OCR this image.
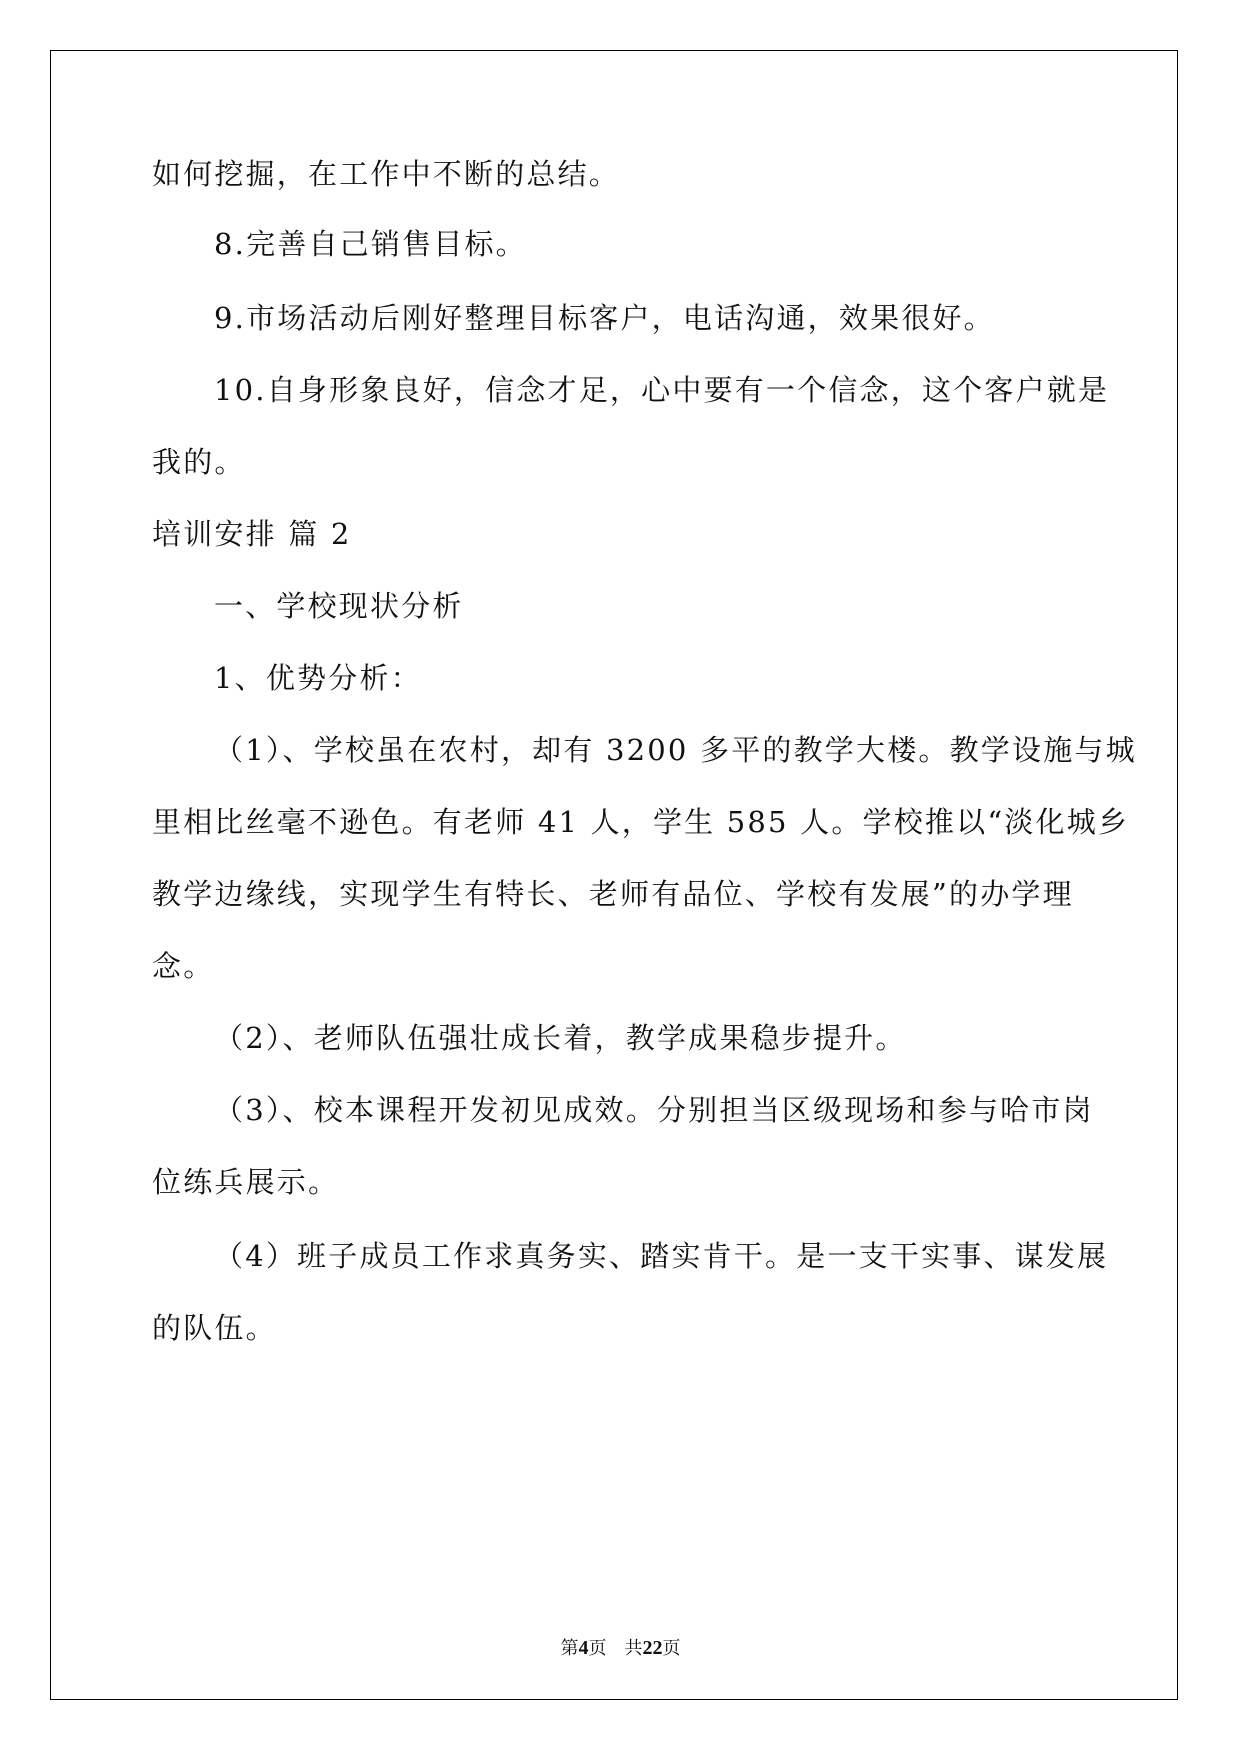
如何挖掘，在工作中不断的总结。
8.完善自己销售目标。
9.市场活动后刚好整理目标客户，电话沟通，效果很好。
10.自身形象良好，信念才足，心中要有一个信念，这个客户就是
我的。
培训安排 篇 2
一、学校现状分析
1、优势分析：
（1）、学校虽在农村，却有 3200 多平的教学大楼。教学设施与城
里相比丝毫不逊色。有老师 41 人，学生 585 人。学校推以“淡化城乡
教学边缘线，实现学生有特长、老师有品位、学校有发展”的办学理
念。
（2）、老师队伍强壮成长着，教学成果稳步提升。
（3）、校本课程开发初见成效。分别担当区级现场和参与哈市岗
位练兵展示。
（4）班子成员工作求真务实、踏实肯干。是一支干实事、谋发展
的队伍。
第4页 共22页
